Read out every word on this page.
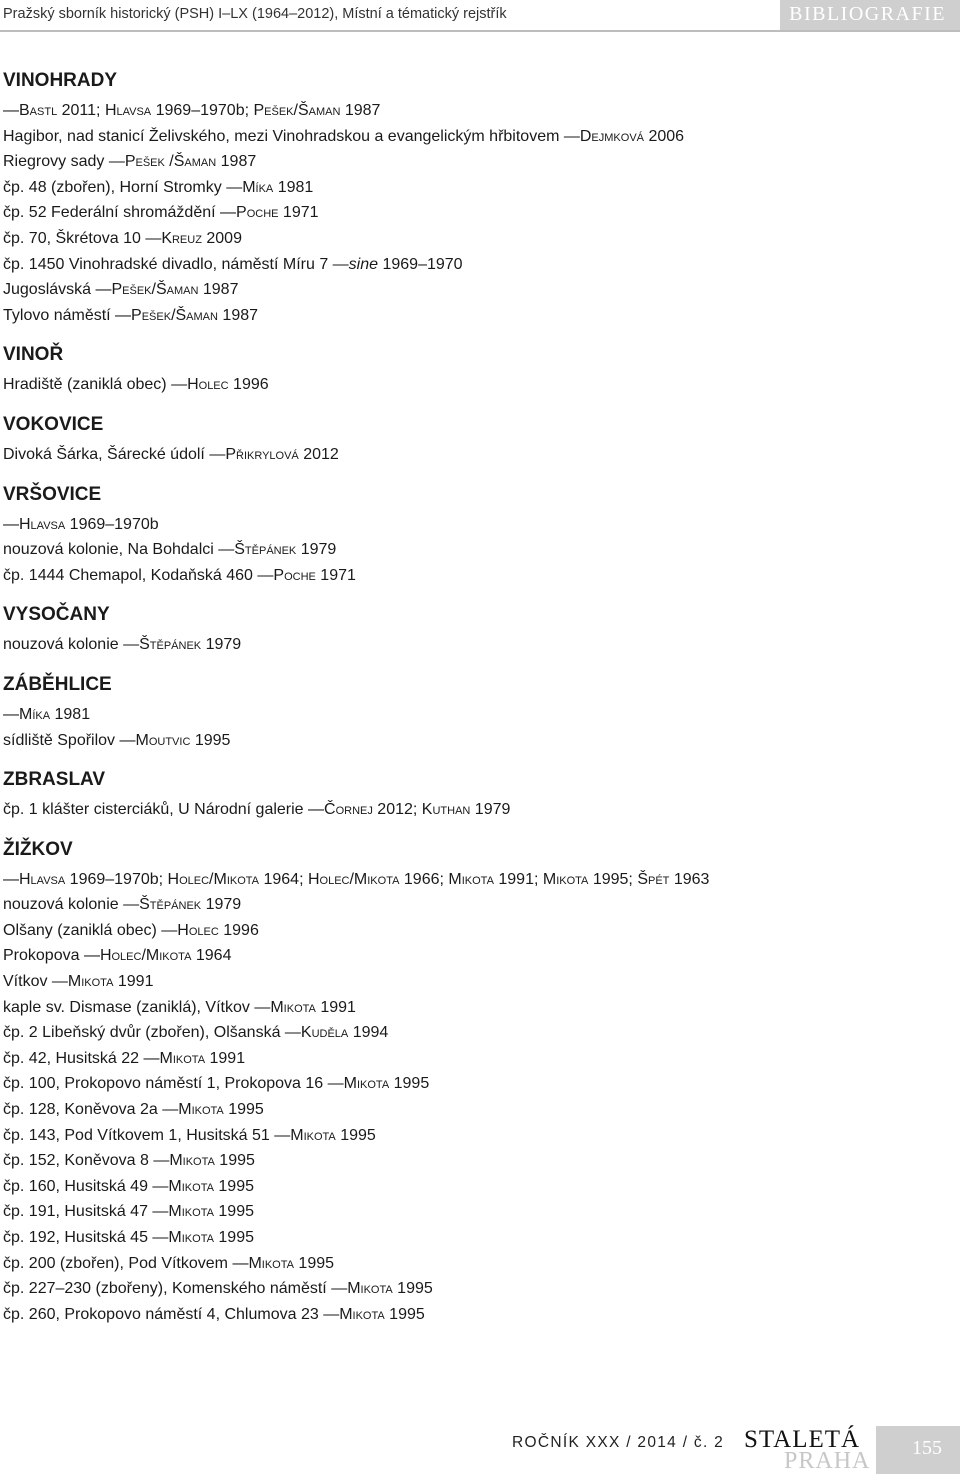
Pražský sborník historický (PSH) I–LX (1964–2012), Místní a tématický rejstřík	BIBLIOGRAFIE
VINOHRADY
—Bastl 2011; Hlavsa 1969–1970b; Pešek/Šaman 1987
Hagibor, nad stanicí Želivského, mezi Vinohradskou a evangelickým hřbitovem —Dejmková 2006
Riegrovy sady —Pešek /Šaman 1987
čp. 48 (zbořen), Horní Stromky —Míka 1981
čp. 52 Federální shromáždění —Poche 1971
čp. 70, Škrétova 10 —Kreuz 2009
čp. 1450 Vinohradské divadlo, náměstí Míru 7 —sine 1969–1970
Jugoslávská —Pešek/Šaman 1987
Tylovo náměstí —Pešek/Šaman 1987
VINOŘ
Hradiště (zaniklá obec) —Holec 1996
VOKOVICE
Divoká Šárka, Šárecké údolí —Přikrylová 2012
VRŠOVICE
—Hlavsa 1969–1970b
nouzová kolonie, Na Bohdalci —Štěpánek 1979
čp. 1444 Chemapol, Kodaňská 460 —Poche 1971
VYSOČANY
nouzová kolonie —Štěpánek 1979
ZÁBĚHLICE
—Míka 1981
sídliště Spořilov —Moutvic 1995
ZBRASLAV
čp. 1 klášter cisterciáků, U Národní galerie —Čornej 2012; Kuthan 1979
ŽIŽKOV
—Hlavsa 1969–1970b; Holec/Mikota 1964; Holec/Mikota 1966; Mikota 1991; Mikota 1995; Špét 1963
nouzová kolonie —Štěpánek 1979
Olšany (zaniklá obec) —Holec 1996
Prokopova —Holec/Mikota 1964
Vítkov —Mikota 1991
kaple sv. Dismase (zaniklá), Vítkov —Mikota 1991
čp. 2 Libeňský dvůr (zbořen), Olšanská —Kuděla 1994
čp. 42, Husitská 22 —Mikota 1991
čp. 100, Prokopovo náměstí 1, Prokopova 16 —Mikota 1995
čp. 128, Koněvova 2a —Mikota 1995
čp. 143, Pod Vítkovem 1, Husitská 51 —Mikota 1995
čp. 152, Koněvova 8 —Mikota 1995
čp. 160, Husitská 49 —Mikota 1995
čp. 191, Husitská 47 —Mikota 1995
čp. 192, Husitská 45 —Mikota 1995
čp. 200 (zbořen), Pod Vítkovem —Mikota 1995
čp. 227–230 (zbořeny), Komenského náměstí —Mikota 1995
čp. 260, Prokopovo náměstí 4, Chlumova 23 —Mikota 1995
ROČNÍK XXX / 2014 / č. 2 STALETÁ
PRAHA 155
